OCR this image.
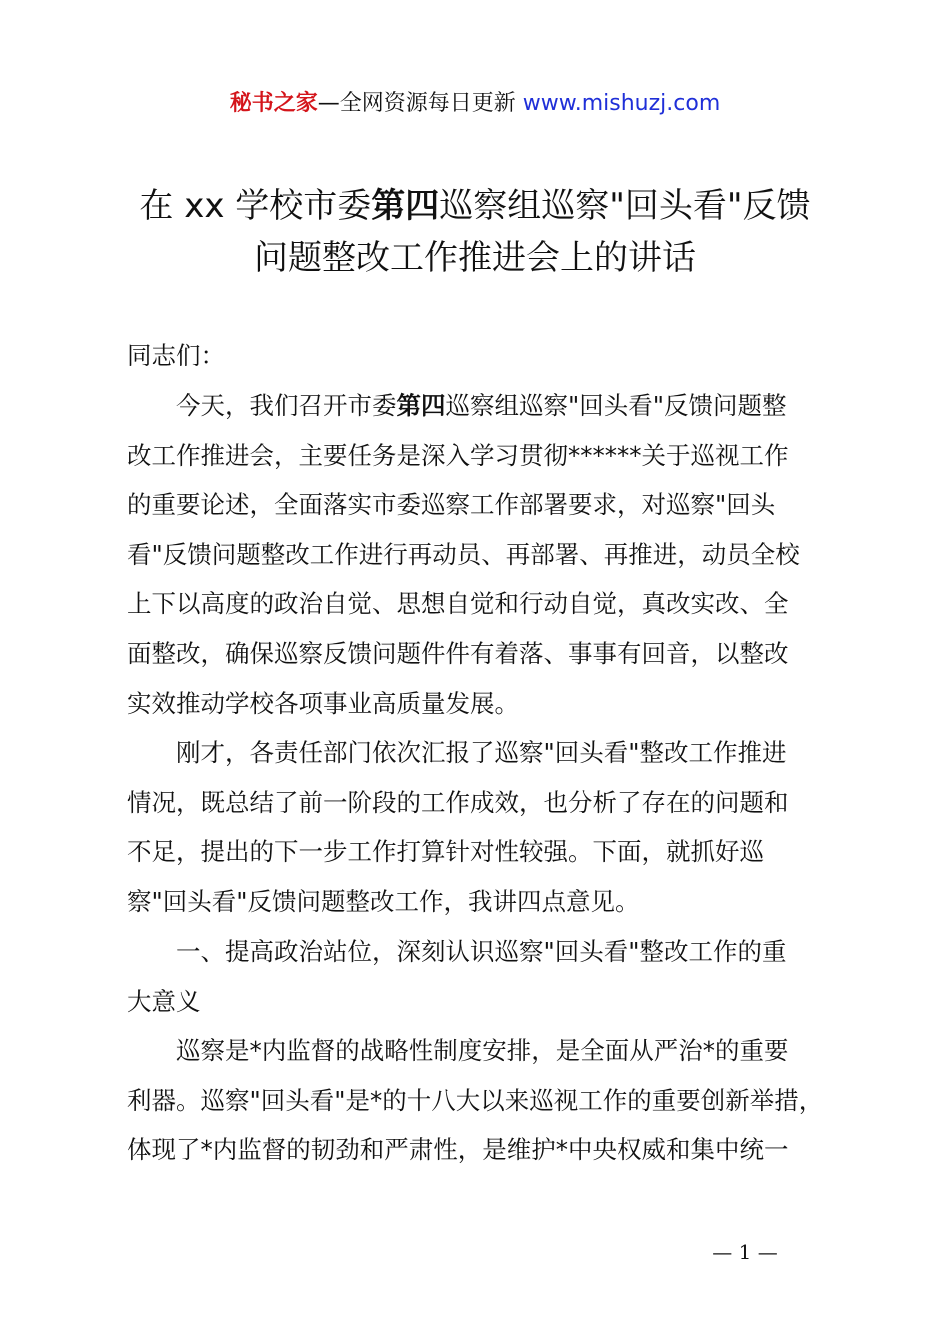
秘书之家—全网资源每日更新 www.mishuzj.com
在 xx 学校市委第四巡察组巡察"回头看"反馈
问题整改工作推进会上的讲话
同志们：
　　今天，我们召开市委第四巡察组巡察"回头看"反馈问题整
改工作推进会，主要任务是深入学习贯彻******关于巡视工作
的重要论述，全面落实市委巡察工作部署要求，对巡察"回头
看"反馈问题整改工作进行再动员、再部署、再推进，动员全校
上下以高度的政治自觉、思想自觉和行动自觉，真改实改、全
面整改，确保巡察反馈问题件件有着落、事事有回音，以整改
实效推动学校各项事业高质量发展。
　　刚才，各责任部门依次汇报了巡察"回头看"整改工作推进
情况，既总结了前一阶段的工作成效，也分析了存在的问题和
不足，提出的下一步工作打算针对性较强。下面，就抓好巡
察"回头看"反馈问题整改工作，我讲四点意见。
　　一、提高政治站位，深刻认识巡察"回头看"整改工作的重
大意义
　　巡察是*内监督的战略性制度安排，是全面从严治*的重要
利器。巡察"回头看"是*的十八大以来巡视工作的重要创新举措，
体现了*内监督的韧劲和严肃性，是维护*中央权威和集中统一
— 1 —
